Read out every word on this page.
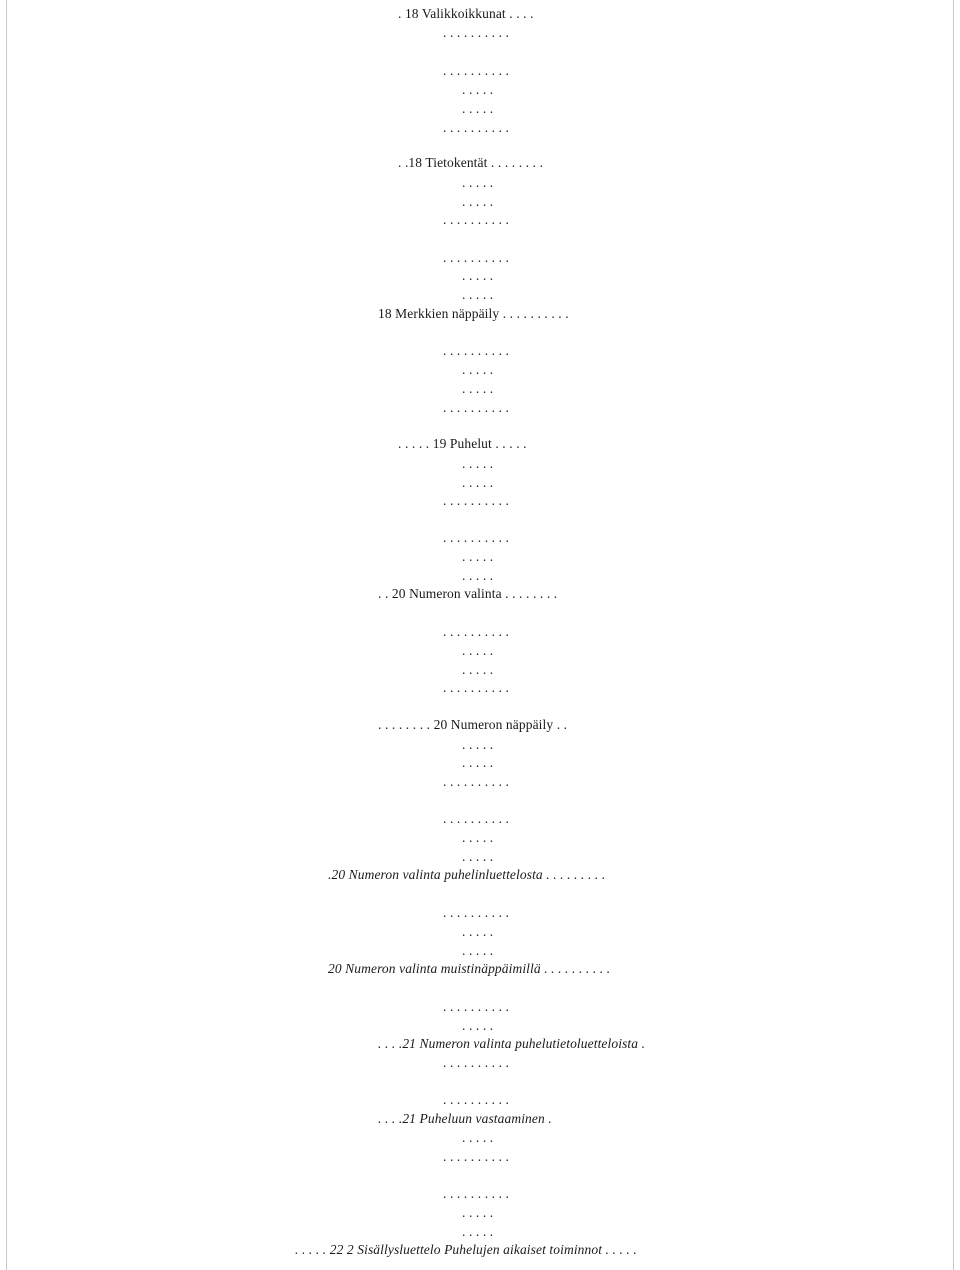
. 18 Valikkoikkunat . . . .
. . . . . . . . . .
. . . . . . . . . .
. . . . .
. . . . .
. . . . . . . . . .
. .18 Tietokentät . . . . . . . .
. . . . .
. . . . .
. . . . . . . . . .
. . . . . . . . . .
. . . . .
. . . . .
18 Merkkien näppäily . . . . . . . . . .
. . . . . . . . . .
. . . . .
. . . . .
. . . . . . . . . .
. . . . . 19 Puhelut . . . . .
. . . . .
. . . . .
. . . . . . . . . .
. . . . . . . . . .
. . . . .
. . . . .
. . 20 Numeron valinta . . . . . . . .
. . . . . . . . . .
. . . . .
. . . . .
. . . . . . . . . .
. . . . . . . . 20 Numeron näppäily . .
. . . . .
. . . . .
. . . . . . . . . .
. . . . . . . . . .
. . . . .
. . . . .
.20 Numeron valinta puhelinluettelosta . . . . . . . . .
. . . . . . . . . .
. . . . .
. . . . .
20 Numeron valinta muistinäppäimillä . . . . . . . . . .
. . . . . . . . . .
. . . . .
. . . .21 Numeron valinta puhelutietoluetteloista .
. . . . . . . . . .
. . . . . . . . . .
. . . .21 Puheluun vastaaminen .
. . . . .
. . . . . . . . . .
. . . . . . . . . .
. . . . .
. . . . .
. . . . . 22 2 Sisällysluettelo Puhelujen aikaiset toiminnot . . . . .
